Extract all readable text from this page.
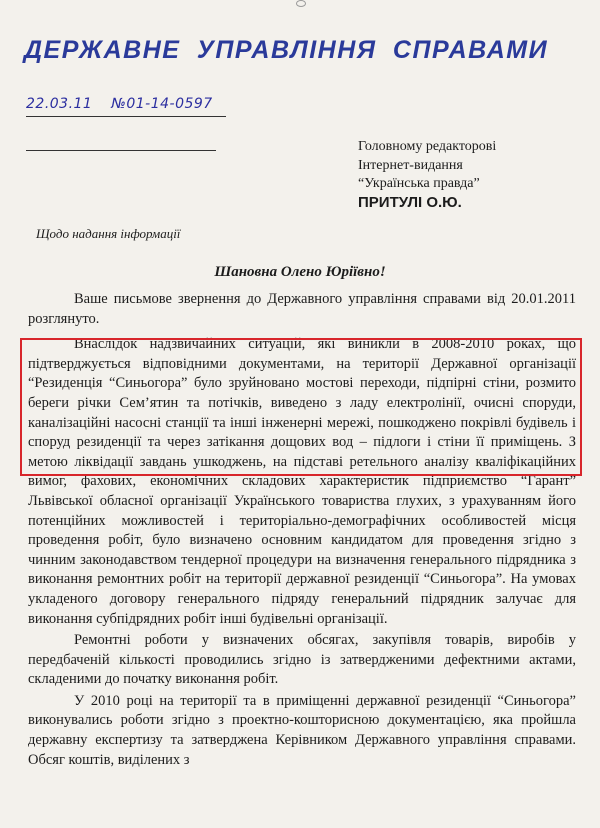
ДЕРЖАВНЕ УПРАВЛІННЯ СПРАВАМИ
22.03.11 №01-14-0597
Головному редакторові
Інтернет-видання
“Українська правда”
ПРИТУЛІ О.Ю.
Щодо надання інформації
Шановна Олено Юріївно!

Ваше письмове звернення до Державного управління справами від 20.01.2011 розглянуто.

Внаслідок надзвичайних ситуацій, які виникли в 2008-2010 роках, що підтверджується відповідними документами, на території Державної організації “Резиденція “Синьогора” було зруйновано мостові переходи, підпірні стіни, розмито береги річки Сем’ятин та потічків, виведено з ладу електролінії, очисні споруди, каналізаційні насосні станції та інші інженерні мережі, пошкоджено покрівлі будівель і споруд резиденції та через затікання дощових вод – підлоги і стіни її приміщень. З метою ліквідації завдань ушкоджень, на підставі ретельного аналізу кваліфікаційних вимог, фахових, економічних складових характеристик підприємство “Гарант” Львівської обласної організації Українського товариства глухих, з урахуванням його потенційних можливостей і територіально-демографічних особливостей місця проведення робіт, було визначено основним кандидатом для проведення згідно з чинним законодавством тендерної процедури на визначення генерального підрядника з виконання ремонтних робіт на території державної резиденції “Синьогора”. На умовах укладеного договору генерального підряду генеральний підрядник залучає для виконання субпідрядних робіт інші будівельні організації.

Ремонтні роботи у визначених обсягах, закупівля товарів, виробів у передбаченій кількості проводились згідно із затвердженими дефектними актами, складеними до початку виконання робіт.

У 2010 році на території та в приміщенні державної резиденції “Синьогора” виконувались роботи згідно з проектно-кошторисною документацією, яка пройшла державну експертизу та затверджена Керівником Державного управління справами. Обсяг коштів, виділених з
